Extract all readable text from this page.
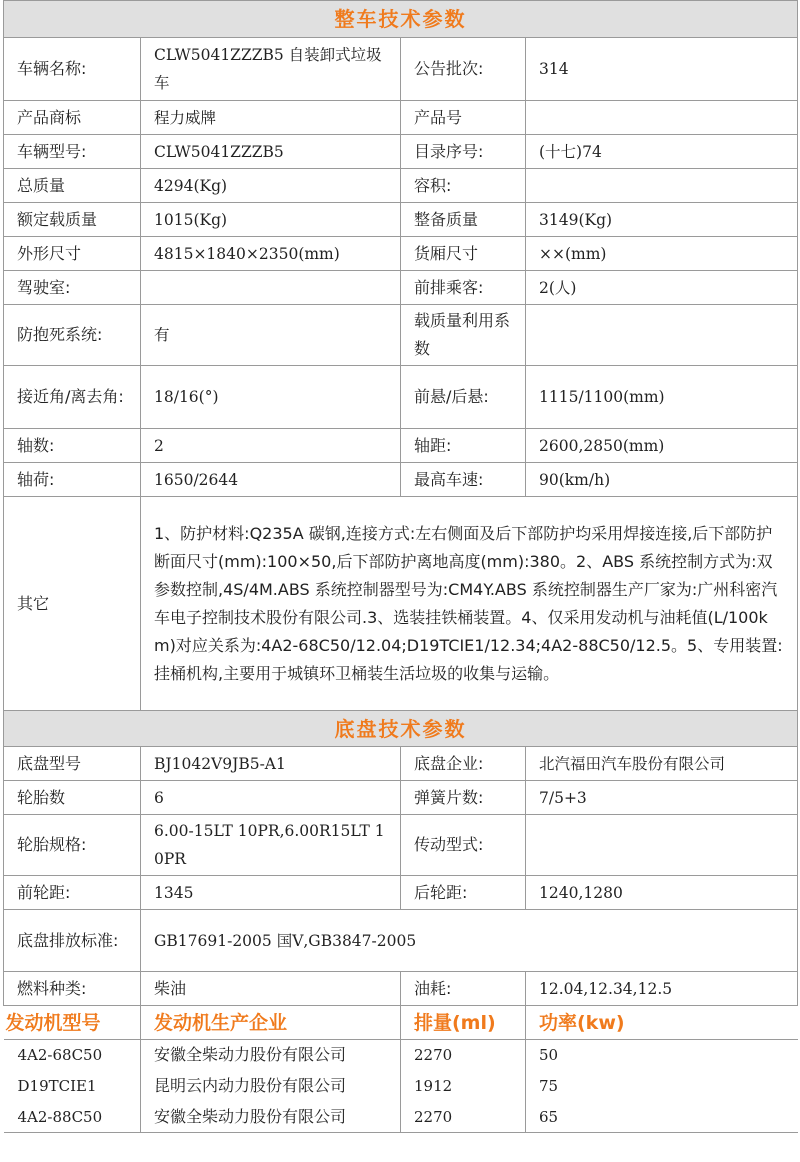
整车技术参数			
车辆名称:	CLW5041ZZZB5 自装卸式垃圾车	公告批次:	314
产品商标	程力威牌	产品号	
车辆型号:	CLW5041ZZZB5	目录序号:	(十七)74
总质量	4294(Kg)	容积:	
额定载质量	1015(Kg)	整备质量	3149(Kg)
外形尺寸	4815×1840×2350(mm)	货厢尺寸	××(mm)
驾驶室:		前排乘客:	2(人)
防抱死系统:	有	载质量利用系数	
接近角/离去角:	18/16(°)	前悬/后悬:	1115/1100(mm)
轴数:	2	轴距:	2600,2850(mm)
轴荷:	1650/2644	最高车速:	90(km/h)
其它	1、防护材料:Q235A 碳钢,连接方式:左右侧面及后下部防护均采用焊接连接,后下部防护断面尺寸(mm):100×50,后下部防护离地高度(mm):380。2、ABS 系统控制方式为:双参数控制,4S/4M.ABS 系统控制器型号为:CM4Y.ABS 系统控制器生产厂家为:广州科密汽车电子控制技术股份有限公司.3、选装挂铁桶装置。4、仅采用发动机与油耗值(L/100km)对应关系为:4A2-68C50/12.04;D19TCIE1/12.34;4A2-88C50/12.5。5、专用装置:挂桶机构,主要用于城镇环卫桶装生活垃圾的收集与运输。		
底盘技术参数			
底盘型号	BJ1042V9JB5-A1	底盘企业:	北汽福田汽车股份有限公司
轮胎数	6	弹簧片数:	7/5+3
轮胎规格:	6.00-15LT 10PR,6.00R15LT 10PR	传动型式:	
前轮距:	1345	后轮距:	1240,1280
底盘排放标准:	GB17691-2005 国Ⅴ,GB3847-2005		
燃料种类:	柴油	油耗:	12.04,12.34,12.5
发动机型号	发动机生产企业	排量(ml)	功率(kw)
4A2-68C50	安徽全柴动力股份有限公司	2270	50
D19TCIE1	昆明云内动力股份有限公司	1912	75
4A2-88C50	安徽全柴动力股份有限公司	2270	65
